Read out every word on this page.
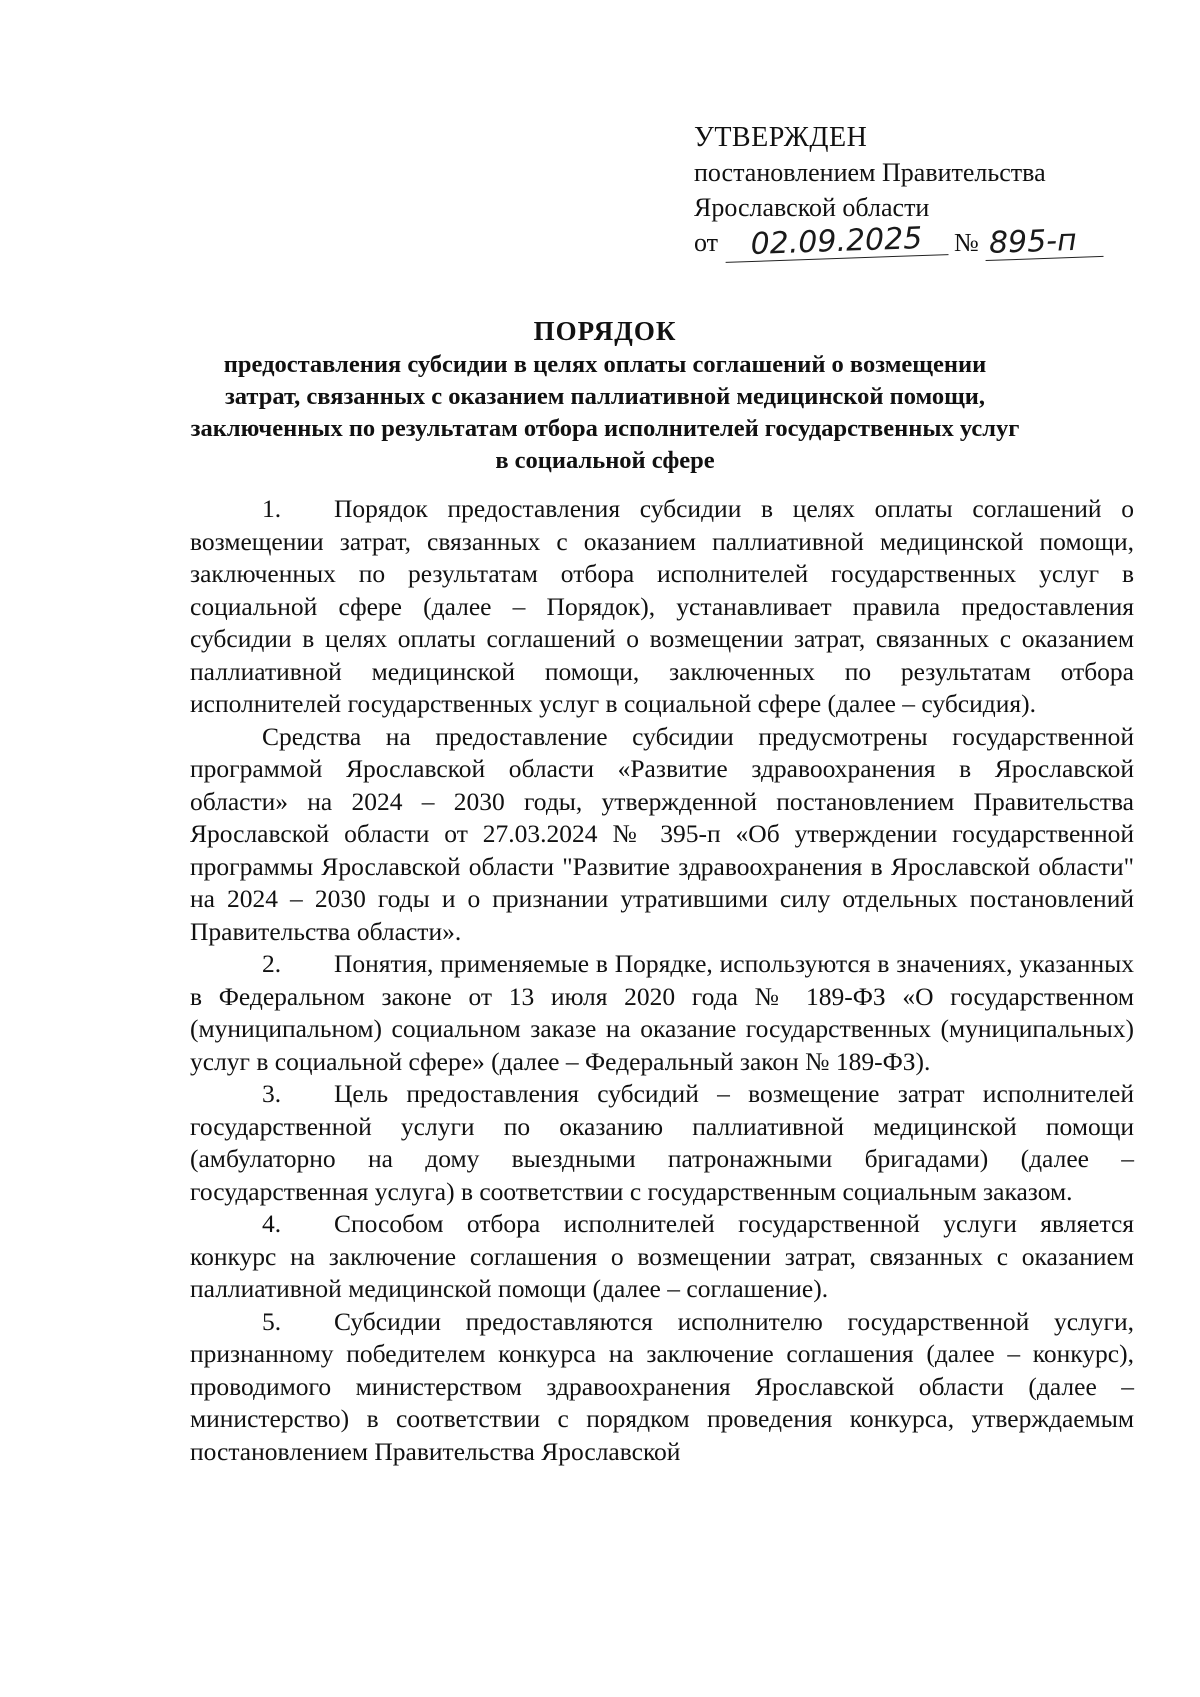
УТВЕРЖДЕН
постановлением Правительства
Ярославской области
от 02.09.2025 № 895-п
ПОРЯДОК
предоставления субсидии в целях оплаты соглашений о возмещении затрат, связанных с оказанием паллиативной медицинской помощи, заключенных по результатам отбора исполнителей государственных услуг в социальной сфере

1. Порядок предоставления субсидии в целях оплаты соглашений о возмещении затрат, связанных с оказанием паллиативной медицинской помощи, заключенных по результатам отбора исполнителей государственных услуг в социальной сфере (далее – Порядок), устанавливает правила предоставления субсидии в целях оплаты соглашений о возмещении затрат, связанных с оказанием паллиативной медицинской помощи, заключенных по результатам отбора исполнителей государственных услуг в социальной сфере (далее – субсидия).

Средства на предоставление субсидии предусмотрены государственной программой Ярославской области «Развитие здравоохранения в Ярославской области» на 2024 – 2030 годы, утвержденной постановлением Правительства Ярославской области от 27.03.2024 № 395-п «Об утверждении государственной программы Ярославской области "Развитие здравоохранения в Ярославской области" на 2024 – 2030 годы и о признании утратившими силу отдельных постановлений Правительства области».

2. Понятия, применяемые в Порядке, используются в значениях, указанных в Федеральном законе от 13 июля 2020 года № 189-ФЗ «О государственном (муниципальном) социальном заказе на оказание государственных (муниципальных) услуг в социальной сфере» (далее – Федеральный закон № 189-ФЗ).

3. Цель предоставления субсидий – возмещение затрат исполнителей государственной услуги по оказанию паллиативной медицинской помощи (амбулаторно на дому выездными патронажными бригадами) (далее – государственная услуга) в соответствии с государственным социальным заказом.

4. Способом отбора исполнителей государственной услуги является конкурс на заключение соглашения о возмещении затрат, связанных с оказанием паллиативной медицинской помощи (далее – соглашение).

5. Субсидии предоставляются исполнителю государственной услуги, признанному победителем конкурса на заключение соглашения (далее – конкурс), проводимого министерством здравоохранения Ярославской области (далее – министерство) в соответствии с порядком проведения конкурса, утверждаемым постановлением Правительства Ярославской
